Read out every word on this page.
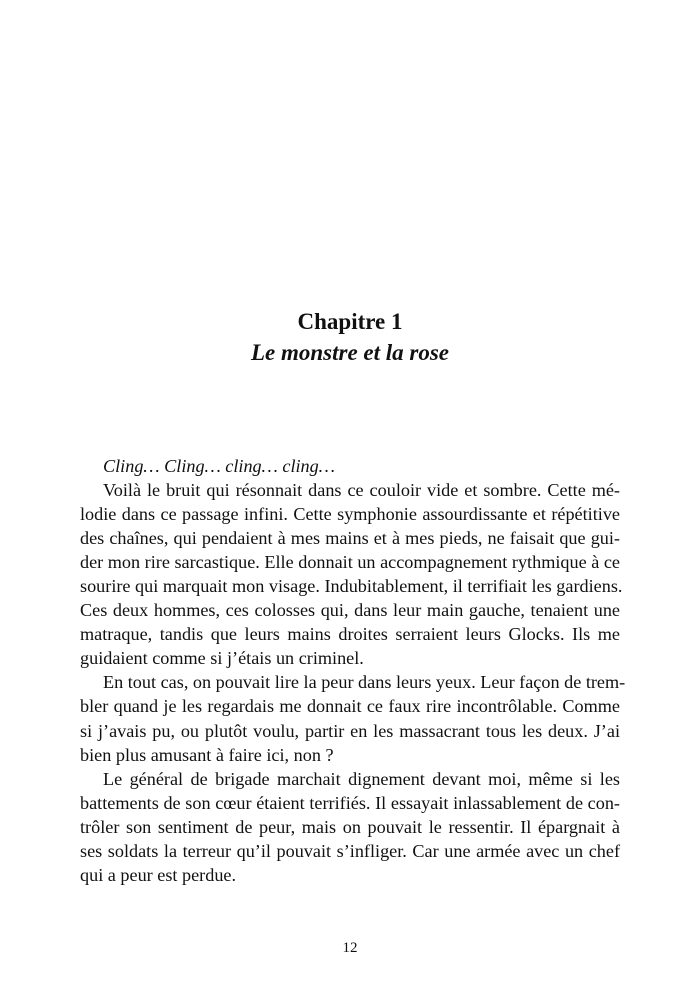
Chapitre 1
Le monstre et la rose
Cling… Cling… cling… cling…
Voilà le bruit qui résonnait dans ce couloir vide et sombre. Cette mé-
lodie dans ce passage infini. Cette symphonie assourdissante et répétitive
des chaînes, qui pendaient à mes mains et à mes pieds, ne faisait que gui-
der mon rire sarcastique. Elle donnait un accompagnement rythmique à ce
sourire qui marquait mon visage. Indubitablement, il terrifiait les gardiens.
Ces deux hommes, ces colosses qui, dans leur main gauche, tenaient une
matraque, tandis que leurs mains droites serraient leurs Glocks. Ils me
guidaient comme si j’étais un criminel.
En tout cas, on pouvait lire la peur dans leurs yeux. Leur façon de trem-
bler quand je les regardais me donnait ce faux rire incontrôlable. Comme
si j’avais pu, ou plutôt voulu, partir en les massacrant tous les deux. J’ai
bien plus amusant à faire ici, non ?
Le général de brigade marchait dignement devant moi, même si les
battements de son cœur étaient terrifiés. Il essayait inlassablement de con-
trôler son sentiment de peur, mais on pouvait le ressentir. Il épargnait à
ses soldats la terreur qu’il pouvait s’infliger. Car une armée avec un chef
qui a peur est perdue.
12
